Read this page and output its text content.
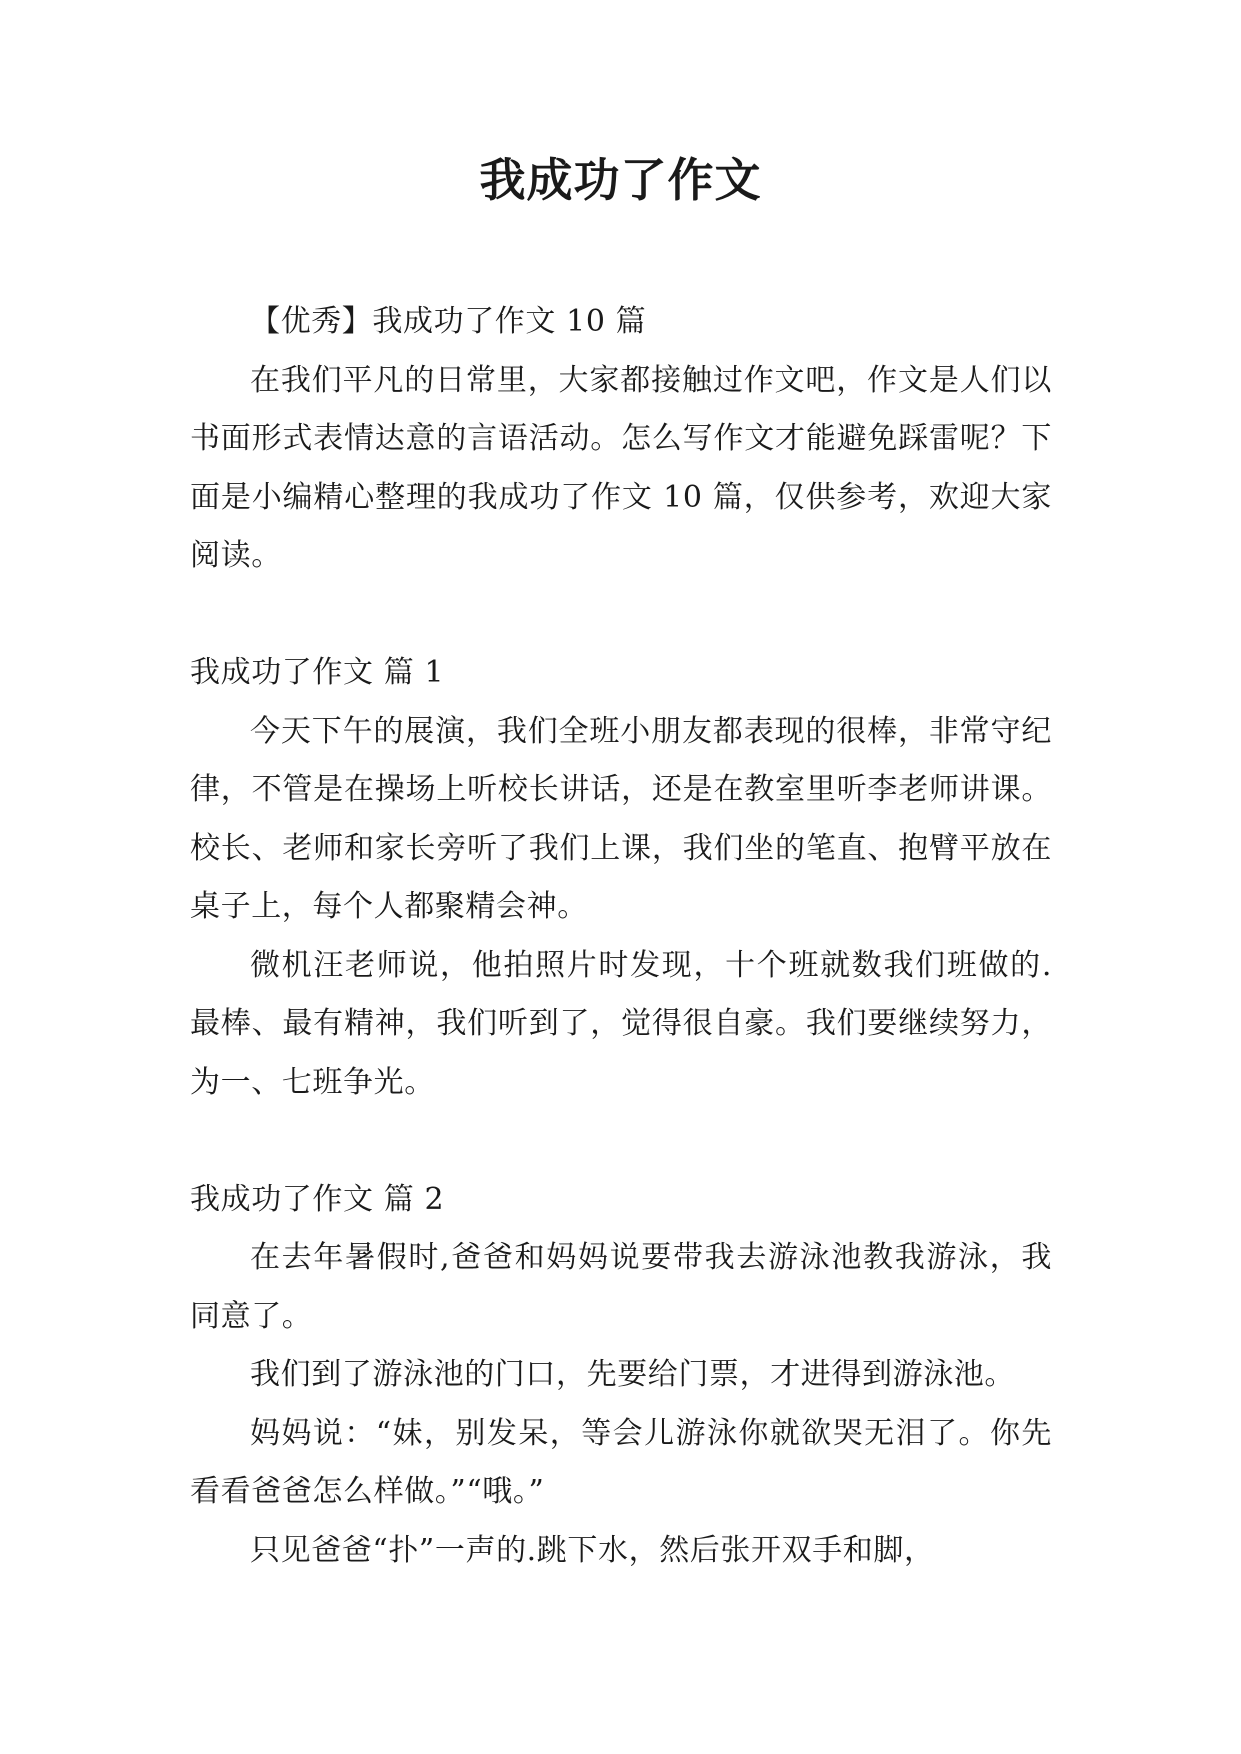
我成功了作文

【优秀】我成功了作文 10 篇

在我们平凡的日常里，大家都接触过作文吧，作文是人们以书面形式表情达意的言语活动。怎么写作文才能避免踩雷呢？下面是小编精心整理的我成功了作文 10 篇，仅供参考，欢迎大家阅读。

我成功了作文 篇 1

今天下午的展演，我们全班小朋友都表现的很棒，非常守纪律，不管是在操场上听校长讲话，还是在教室里听李老师讲课。校长、老师和家长旁听了我们上课，我们坐的笔直、抱臂平放在桌子上，每个人都聚精会神。

微机汪老师说，他拍照片时发现，十个班就数我们班做的.最棒、最有精神，我们听到了，觉得很自豪。我们要继续努力，为一、七班争光。

我成功了作文 篇 2

在去年暑假时,爸爸和妈妈说要带我去游泳池教我游泳，我同意了。

我们到了游泳池的门口，先要给门票，才进得到游泳池。

妈妈说：“妹，别发呆，等会儿游泳你就欲哭无泪了。你先看看爸爸怎么样做。”“哦。”

只见爸爸“扑”一声的.跳下水，然后张开双手和脚，
